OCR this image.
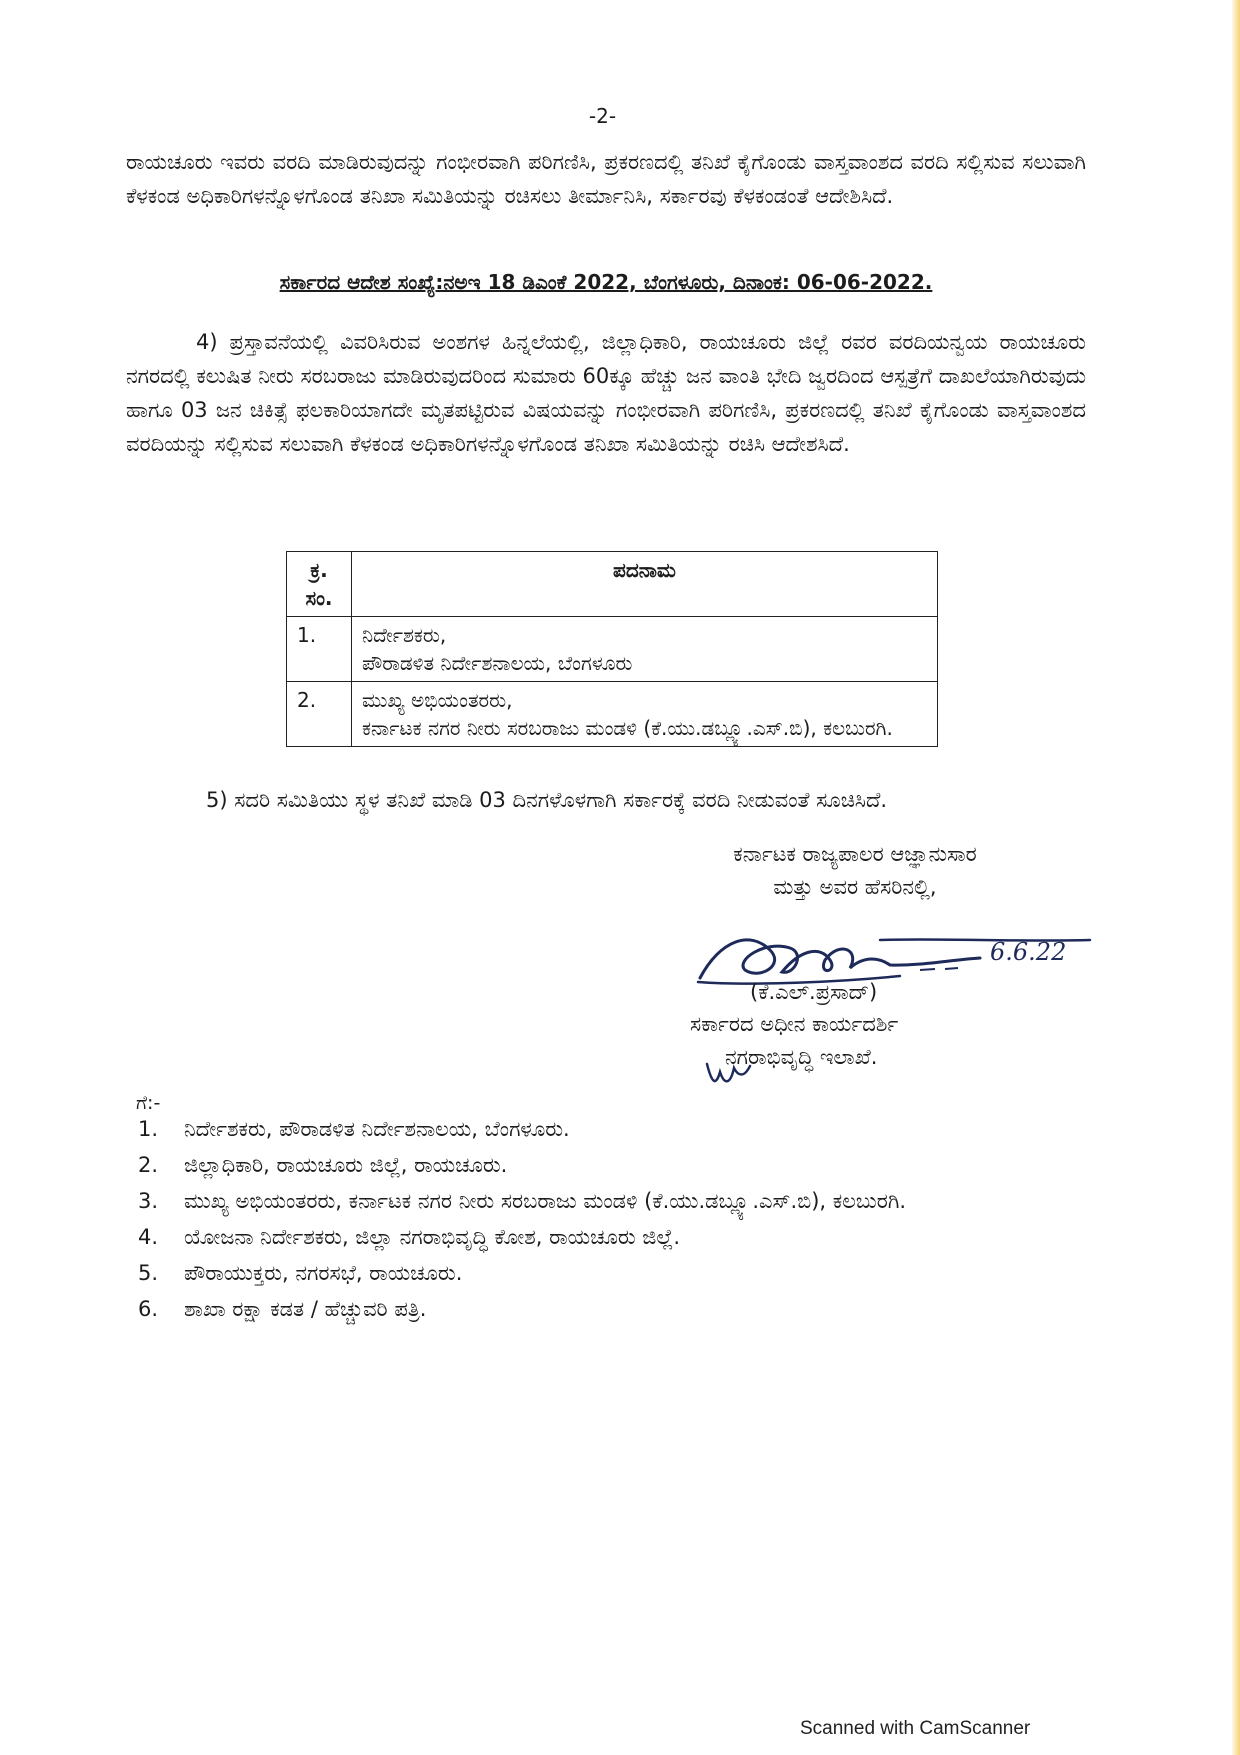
-2-

ರಾಯಚೂರು ಇವರು ವರದಿ ಮಾಡಿರುವುದನ್ನು ಗಂಭೀರವಾಗಿ ಪರಿಗಣಿಸಿ, ಪ್ರಕರಣದಲ್ಲಿ ತನಿಖೆ ಕೈಗೊಂಡು ವಾಸ್ತವಾಂಶದ ವರದಿ ಸಲ್ಲಿಸುವ ಸಲುವಾಗಿ ಕೆಳಕಂಡ ಅಧಿಕಾರಿಗಳನ್ನೊಳಗೊಂಡ ತನಿಖಾ ಸಮಿತಿಯನ್ನು ರಚಿಸಲು ತೀರ್ಮಾನಿಸಿ, ಸರ್ಕಾರವು ಕೆಳಕಂಡಂತೆ ಆದೇಶಿಸಿದೆ.

ಸರ್ಕಾರದ ಆದೇಶ ಸಂಖ್ಯೆ:ನಅಇ 18 ಡಿಎಂಕೆ 2022, ಬೆಂಗಳೂರು, ದಿನಾಂಕ: 06-06-2022.

4) ಪ್ರಸ್ತಾವನೆಯಲ್ಲಿ ವಿವರಿಸಿರುವ ಅಂಶಗಳ ಹಿನ್ನಲೆಯಲ್ಲಿ, ಜಿಲ್ಲಾಧಿಕಾರಿ, ರಾಯಚೂರು ಜಿಲ್ಲೆ ರವರ ವರದಿಯನ್ವಯ ರಾಯಚೂರು ನಗರದಲ್ಲಿ ಕಲುಷಿತ ನೀರು ಸರಬರಾಜು ಮಾಡಿರುವುದರಿಂದ ಸುಮಾರು 60ಕ್ಕೂ ಹೆಚ್ಚು ಜನ ವಾಂತಿ ಭೇದಿ ಜ್ವರದಿಂದ ಆಸ್ಪತ್ರೆಗೆ ದಾಖಲೆಯಾಗಿರುವುದು ಹಾಗೂ 03 ಜನ ಚಿಕಿತ್ಸೆ ಫಲಕಾರಿಯಾಗದೇ ಮೃತಪಟ್ಟಿರುವ ವಿಷಯವನ್ನು ಗಂಭೀರವಾಗಿ ಪರಿಗಣಿಸಿ, ಪ್ರಕರಣದಲ್ಲಿ ತನಿಖೆ ಕೈಗೊಂಡು ವಾಸ್ತವಾಂಶದ ವರದಿಯನ್ನು ಸಲ್ಲಿಸುವ ಸಲುವಾಗಿ ಕೆಳಕಂಡ ಅಧಿಕಾರಿಗಳನ್ನೊಳಗೊಂಡ ತನಿಖಾ ಸಮಿತಿಯನ್ನು ರಚಿಸಿ ಆದೇಶಸಿದೆ.

ಕ್ರ. ಸಂ.	ಪದನಾಮ
1.	ನಿರ್ದೇಶಕರು,
ಪೌರಾಡಳಿತ ನಿರ್ದೇಶನಾಲಯ, ಬೆಂಗಳೂರು

2.	ಮುಖ್ಯ ಅಭಿಯಂತರರು,
ಕರ್ನಾಟಕ ನಗರ ನೀರು ಸರಬರಾಜು ಮಂಡಳಿ (ಕೆ.ಯು.ಡಬ್ಲ್ಯೂ.ಎಸ್.ಬಿ), ಕಲಬುರಗಿ.

5) ಸದರಿ ಸಮಿತಿಯು ಸ್ಥಳ ತನಿಖೆ ಮಾಡಿ 03 ದಿನಗಳೊಳಗಾಗಿ ಸರ್ಕಾರಕ್ಕೆ ವರದಿ ನೀಡುವಂತೆ ಸೂಚಿಸಿದೆ.

ಕರ್ನಾಟಕ ರಾಜ್ಯಪಾಲರ ಆಜ್ಞಾನುಸಾರ
ಮತ್ತು ಅವರ ಹೆಸರಿನಲ್ಲಿ,
6.6.22
(ಕೆ.ಎಲ್.ಪ್ರಸಾದ್)
ಸರ್ಕಾರದ ಅಧೀನ ಕಾರ್ಯದರ್ಶಿ
ನಗರಾಭಿವೃದ್ಧಿ ಇಲಾಖೆ.
ಗೆ:-
1.	ನಿರ್ದೇಶಕರು, ಪೌರಾಡಳಿತ ನಿರ್ದೇಶನಾಲಯ, ಬೆಂಗಳೂರು.
2.	ಜಿಲ್ಲಾಧಿಕಾರಿ, ರಾಯಚೂರು ಜಿಲ್ಲೆ, ರಾಯಚೂರು.
3.	ಮುಖ್ಯ ಅಭಿಯಂತರರು, ಕರ್ನಾಟಕ ನಗರ ನೀರು ಸರಬರಾಜು ಮಂಡಳಿ (ಕೆ.ಯು.ಡಬ್ಲ್ಯೂ.ಎಸ್.ಬಿ), ಕಲಬುರಗಿ.
4.	ಯೋಜನಾ ನಿರ್ದೇಶಕರು, ಜಿಲ್ಲಾ ನಗರಾಭಿವೃದ್ಧಿ ಕೋಶ, ರಾಯಚೂರು ಜಿಲ್ಲೆ.
5.	ಪೌರಾಯುಕ್ತರು, ನಗರಸಭೆ, ರಾಯಚೂರು.
6.	ಶಾಖಾ ರಕ್ಷಾ ಕಡತ / ಹೆಚ್ಚುವರಿ ಪತ್ರಿ.
Scanned with CamScanner
